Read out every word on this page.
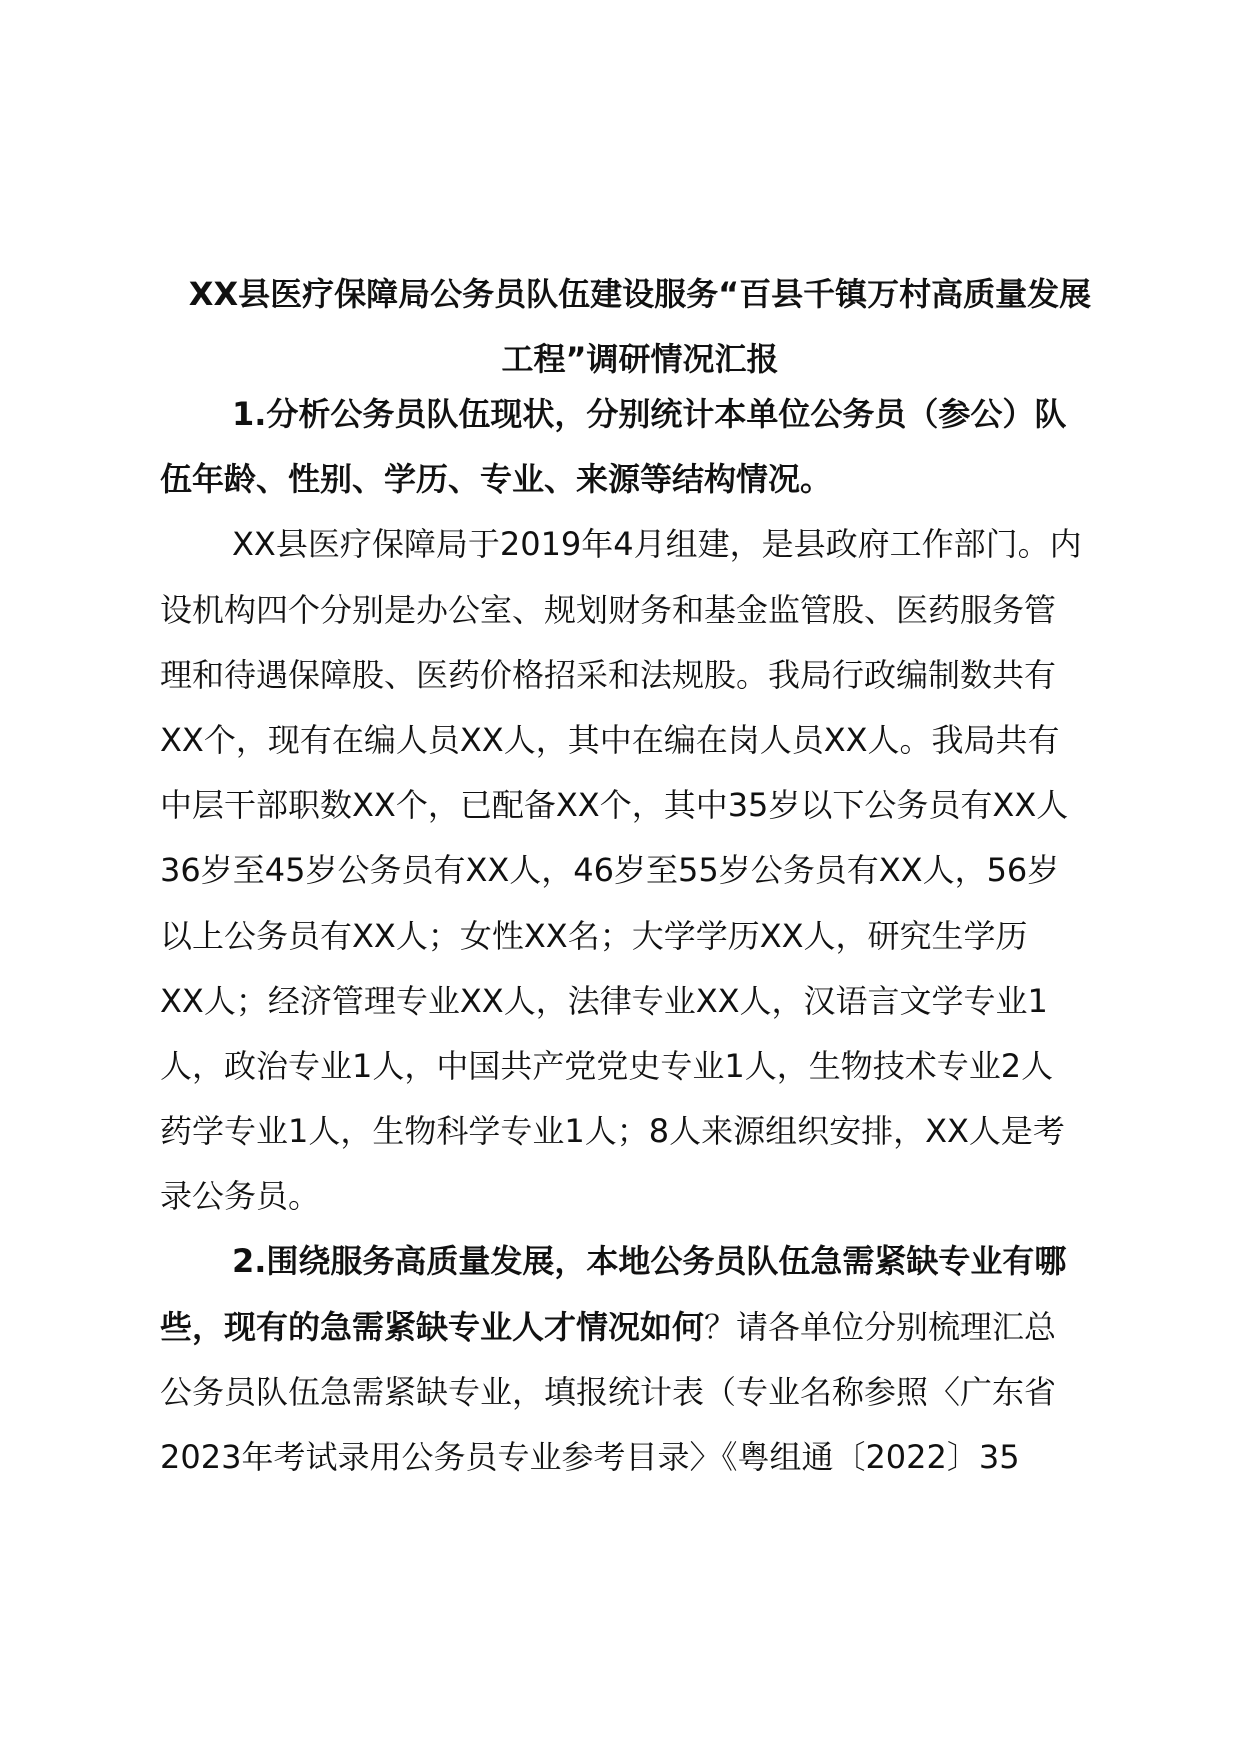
XX县医疗保障局公务员队伍建设服务“百县千镇万村高质量发展
工程”调研情况汇报
1.分析公务员队伍现状，分别统计本单位公务员（参公）队
伍年龄、性别、学历、专业、来源等结构情况。
XX县医疗保障局于2019年4月组建，是县政府工作部门。内
设机构四个分别是办公室、规划财务和基金监管股、医药服务管
理和待遇保障股、医药价格招采和法规股。我局行政编制数共有
XX个，现有在编人员XX人，其中在编在岗人员XX人。我局共有
中层干部职数XX个，已配备XX个，其中35岁以下公务员有XX人
36岁至45岁公务员有XX人，46岁至55岁公务员有XX人，56岁
以上公务员有XX人；女性XX名；大学学历XX人，研究生学历
XX人；经济管理专业XX人，法律专业XX人，汉语言文学专业1
人，政治专业1人，中国共产党党史专业1人，生物技术专业2人
药学专业1人，生物科学专业1人；8人来源组织安排，XX人是考
录公务员。
2.围绕服务高质量发展，本地公务员队伍急需紧缺专业有哪
些，现有的急需紧缺专业人才情况如何？请各单位分别梳理汇总
公务员队伍急需紧缺专业，填报统计表（专业名称参照〈广东省
2023年考试录用公务员专业参考目录〉《粤组通〔2022〕35
